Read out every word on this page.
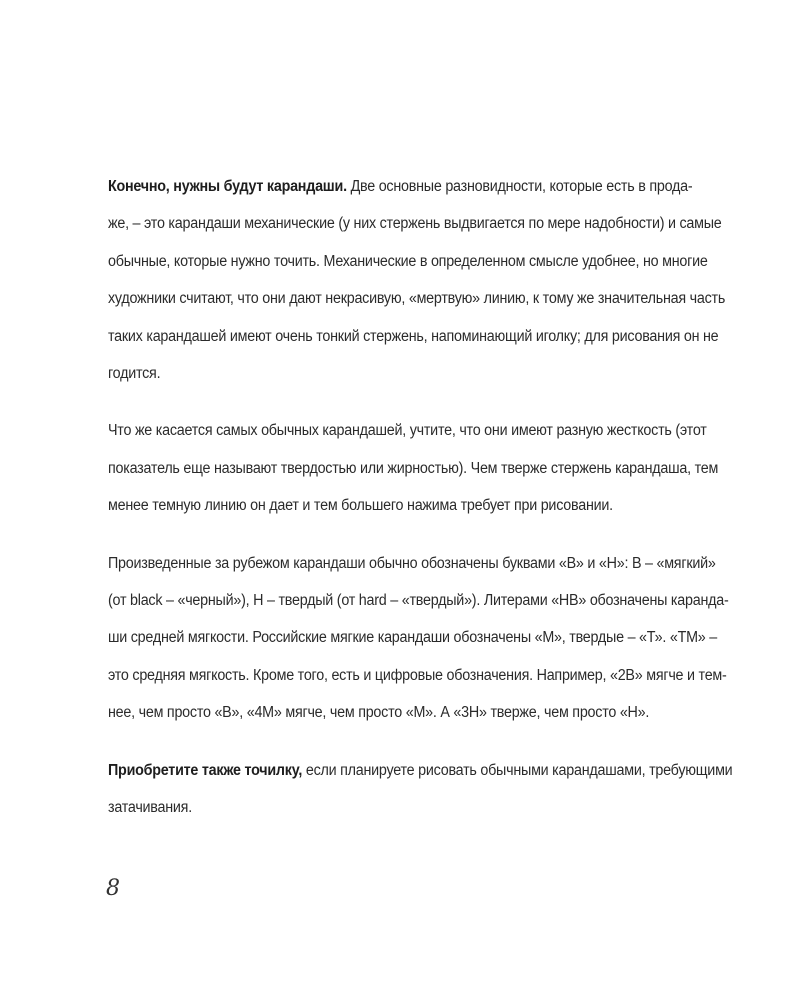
Конечно, нужны будут карандаши. Две основные разновидности, которые есть в прода-
же, – это карандаши механические (у них стержень выдвигается по мере надобности) и самые
обычные, которые нужно точить. Механические в определенном смысле удобнее, но многие
художники считают, что они дают некрасивую, «мертвую» линию, к тому же значительная часть
таких карандашей имеют очень тонкий стержень, напоминающий иголку; для рисования он не
годится.

Что же касается самых обычных карандашей, учтите, что они имеют разную жесткость (этот
показатель еще называют твердостью или жирностью). Чем тверже стержень карандаша, тем
менее темную линию он дает и тем большего нажима требует при рисовании.

Произведенные за рубежом карандаши обычно обозначены буквами «B» и «H»: B – «мягкий»
(от black – «черный»), H – твердый (от hard – «твердый»). Литерами «HB» обозначены каранда-
ши средней мягкости. Российские мягкие карандаши обозначены «М», твердые – «Т». «ТМ» –
это средняя мягкость. Кроме того, есть и цифровые обозначения. Например, «2B» мягче и тем-
нее, чем просто «B», «4М» мягче, чем просто «М». А «3H» тверже, чем просто «H».

Приобретите также точилку, если планируете рисовать обычными карандашами, требующими
затачивания.

8
